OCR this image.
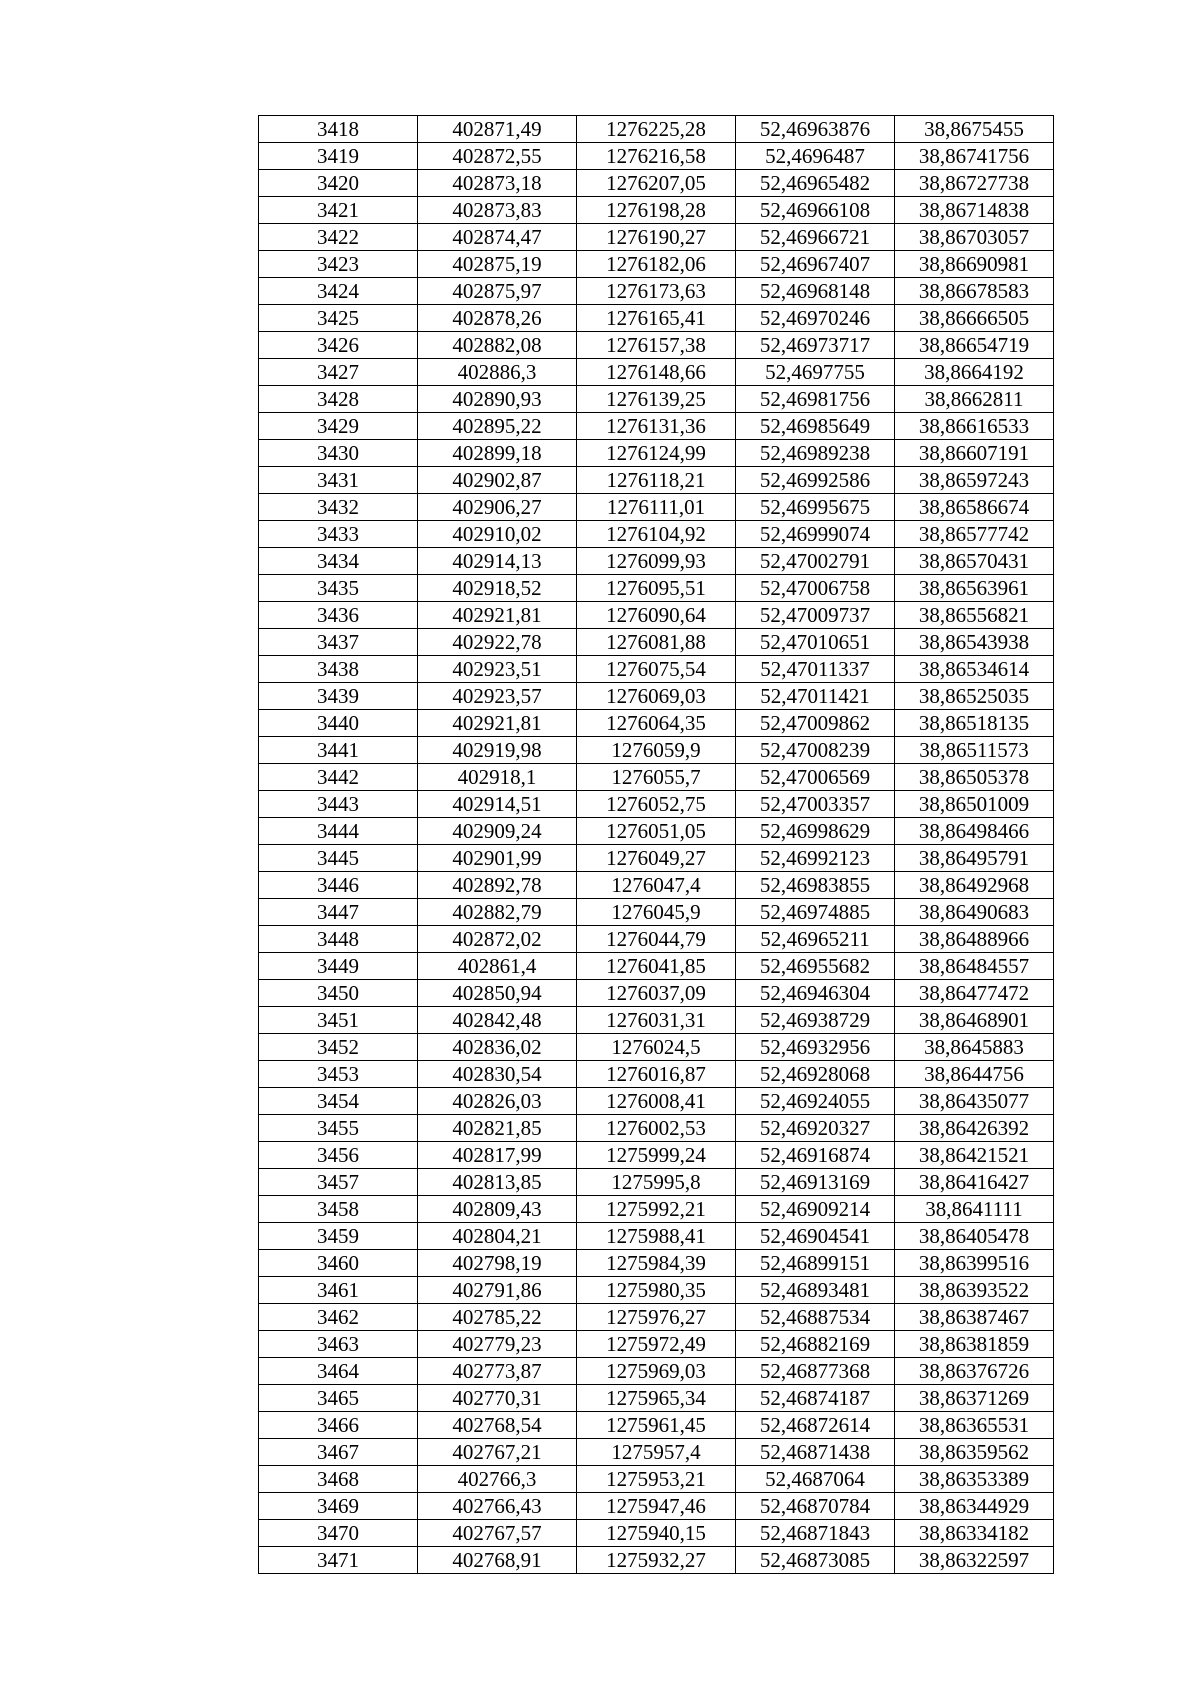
3418	402871,49	1276225,28	52,46963876	38,8675455
3419	402872,55	1276216,58	52,4696487	38,86741756
3420	402873,18	1276207,05	52,46965482	38,86727738
3421	402873,83	1276198,28	52,46966108	38,86714838
3422	402874,47	1276190,27	52,46966721	38,86703057
3423	402875,19	1276182,06	52,46967407	38,86690981
3424	402875,97	1276173,63	52,46968148	38,86678583
3425	402878,26	1276165,41	52,46970246	38,86666505
3426	402882,08	1276157,38	52,46973717	38,86654719
3427	402886,3	1276148,66	52,4697755	38,8664192
3428	402890,93	1276139,25	52,46981756	38,8662811
3429	402895,22	1276131,36	52,46985649	38,86616533
3430	402899,18	1276124,99	52,46989238	38,86607191
3431	402902,87	1276118,21	52,46992586	38,86597243
3432	402906,27	1276111,01	52,46995675	38,86586674
3433	402910,02	1276104,92	52,46999074	38,86577742
3434	402914,13	1276099,93	52,47002791	38,86570431
3435	402918,52	1276095,51	52,47006758	38,86563961
3436	402921,81	1276090,64	52,47009737	38,86556821
3437	402922,78	1276081,88	52,47010651	38,86543938
3438	402923,51	1276075,54	52,47011337	38,86534614
3439	402923,57	1276069,03	52,47011421	38,86525035
3440	402921,81	1276064,35	52,47009862	38,86518135
3441	402919,98	1276059,9	52,47008239	38,86511573
3442	402918,1	1276055,7	52,47006569	38,86505378
3443	402914,51	1276052,75	52,47003357	38,86501009
3444	402909,24	1276051,05	52,46998629	38,86498466
3445	402901,99	1276049,27	52,46992123	38,86495791
3446	402892,78	1276047,4	52,46983855	38,86492968
3447	402882,79	1276045,9	52,46974885	38,86490683
3448	402872,02	1276044,79	52,46965211	38,86488966
3449	402861,4	1276041,85	52,46955682	38,86484557
3450	402850,94	1276037,09	52,46946304	38,86477472
3451	402842,48	1276031,31	52,46938729	38,86468901
3452	402836,02	1276024,5	52,46932956	38,8645883
3453	402830,54	1276016,87	52,46928068	38,8644756
3454	402826,03	1276008,41	52,46924055	38,86435077
3455	402821,85	1276002,53	52,46920327	38,86426392
3456	402817,99	1275999,24	52,46916874	38,86421521
3457	402813,85	1275995,8	52,46913169	38,86416427
3458	402809,43	1275992,21	52,46909214	38,8641111
3459	402804,21	1275988,41	52,46904541	38,86405478
3460	402798,19	1275984,39	52,46899151	38,86399516
3461	402791,86	1275980,35	52,46893481	38,86393522
3462	402785,22	1275976,27	52,46887534	38,86387467
3463	402779,23	1275972,49	52,46882169	38,86381859
3464	402773,87	1275969,03	52,46877368	38,86376726
3465	402770,31	1275965,34	52,46874187	38,86371269
3466	402768,54	1275961,45	52,46872614	38,86365531
3467	402767,21	1275957,4	52,46871438	38,86359562
3468	402766,3	1275953,21	52,4687064	38,86353389
3469	402766,43	1275947,46	52,46870784	38,86344929
3470	402767,57	1275940,15	52,46871843	38,86334182
3471	402768,91	1275932,27	52,46873085	38,86322597
